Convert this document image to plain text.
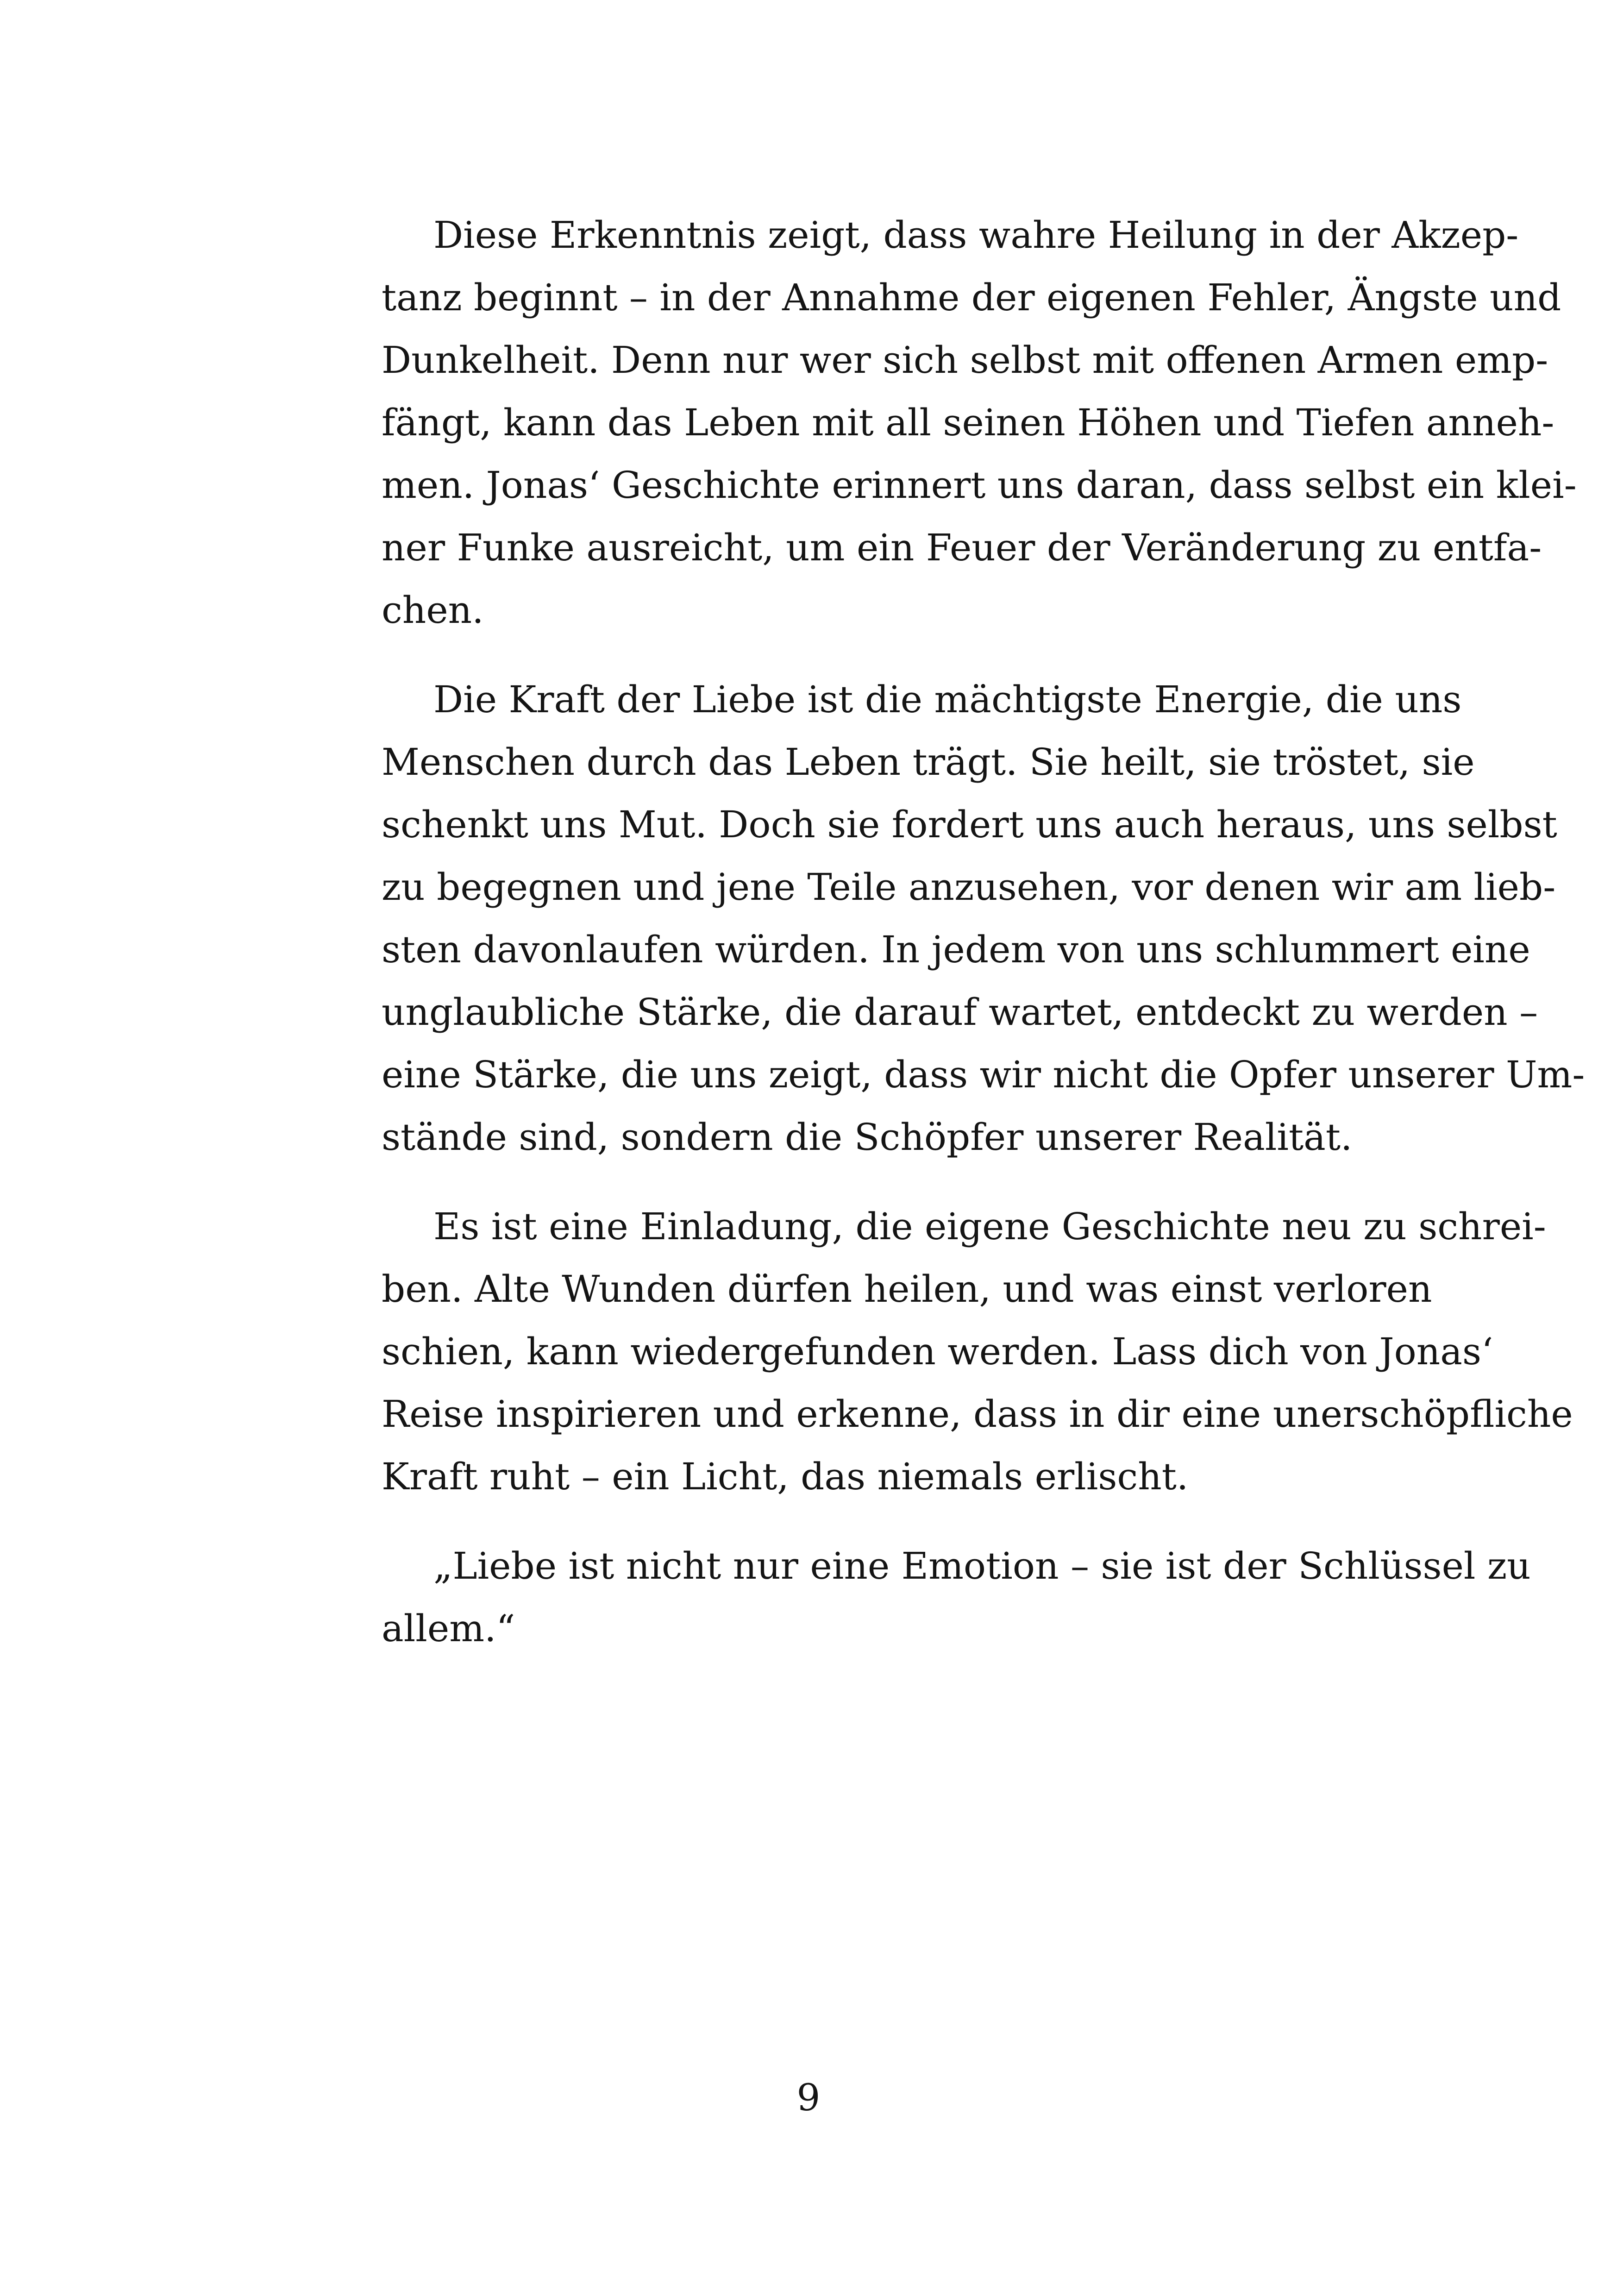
Diese Erkenntnis zeigt, dass wahre Heilung in der Akzep-
tanz beginnt – in der Annahme der eigenen Fehler, Ängste und
Dunkelheit. Denn nur wer sich selbst mit offenen Armen emp-
fängt, kann das Leben mit all seinen Höhen und Tiefen anneh-
men. Jonas‘ Geschichte erinnert uns daran, dass selbst ein klei-
ner Funke ausreicht, um ein Feuer der Veränderung zu entfa-
chen.
Die Kraft der Liebe ist die mächtigste Energie, die uns
Menschen durch das Leben trägt. Sie heilt, sie tröstet, sie
schenkt uns Mut. Doch sie fordert uns auch heraus, uns selbst
zu begegnen und jene Teile anzusehen, vor denen wir am lieb-
sten davonlaufen würden. In jedem von uns schlummert eine
unglaubliche Stärke, die darauf wartet, entdeckt zu werden –
eine Stärke, die uns zeigt, dass wir nicht die Opfer unserer Um-
stände sind, sondern die Schöpfer unserer Realität.
Es ist eine Einladung, die eigene Geschichte neu zu schrei-
ben. Alte Wunden dürfen heilen, und was einst verloren
schien, kann wiedergefunden werden. Lass dich von Jonas‘
Reise inspirieren und erkenne, dass in dir eine unerschöpfliche
Kraft ruht – ein Licht, das niemals erlischt.
„Liebe ist nicht nur eine Emotion – sie ist der Schlüssel zu
allem.“
9
